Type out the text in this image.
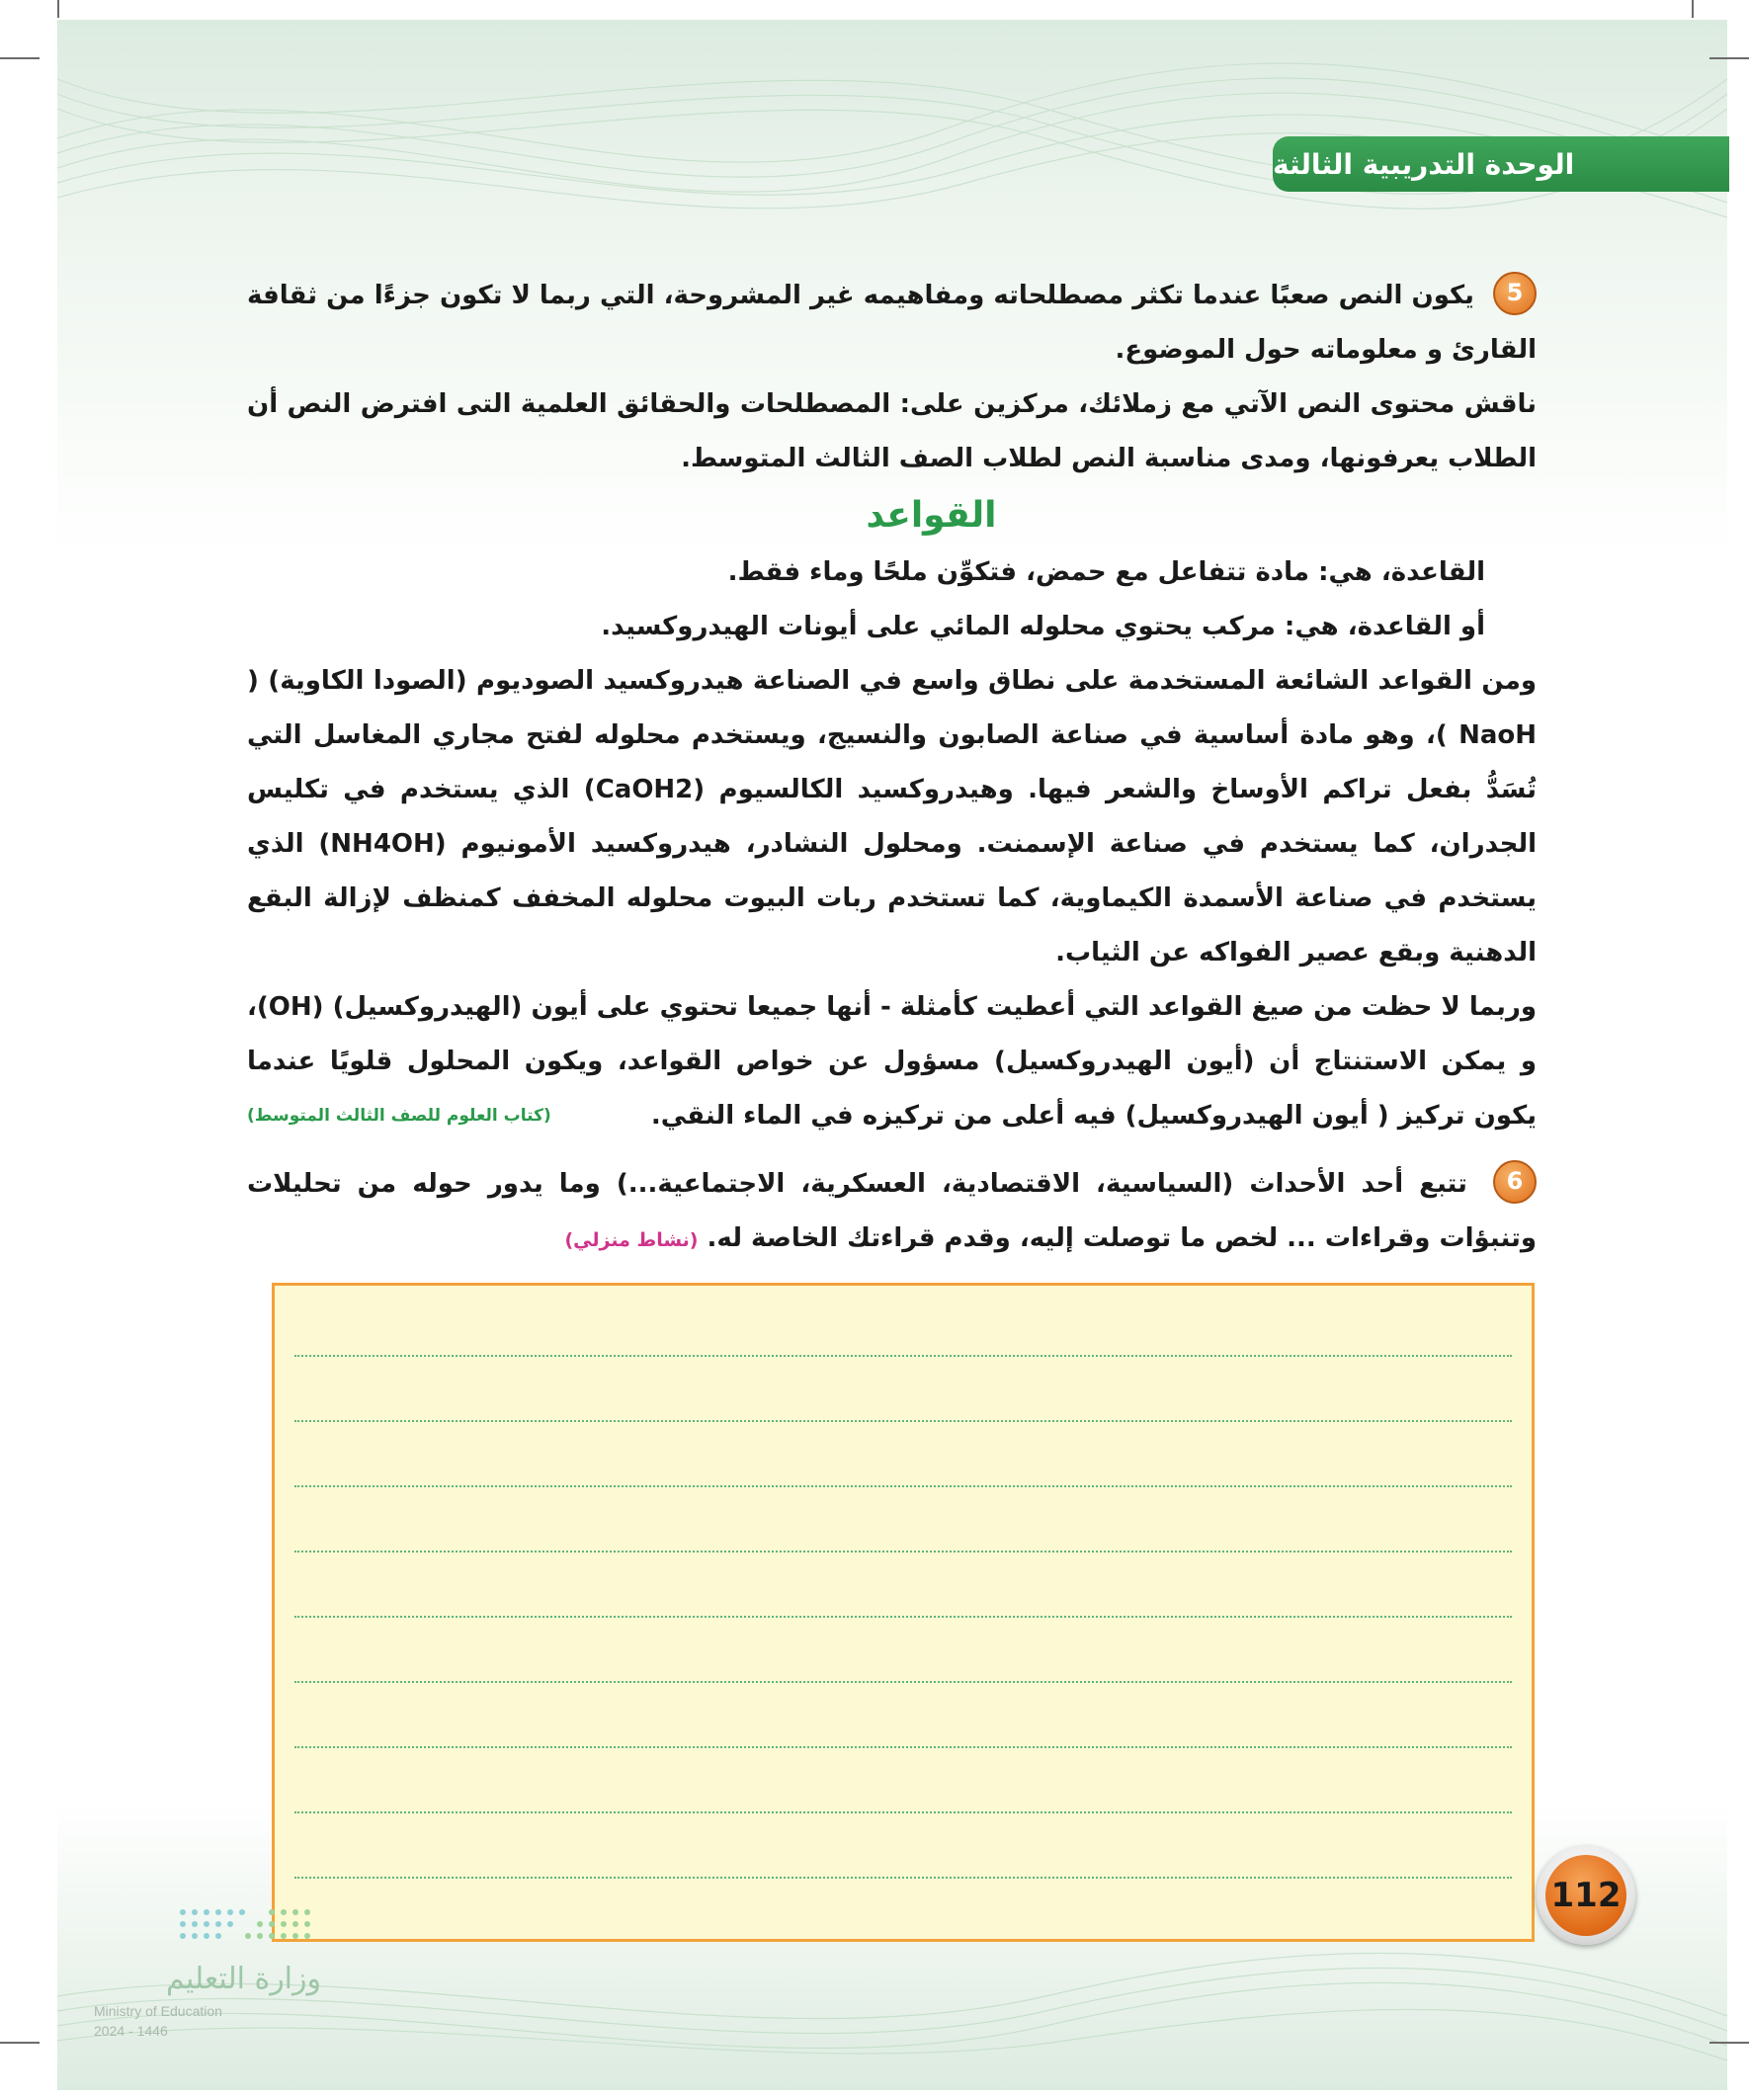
الوحدة التدريبية الثالثة

5 يكون النص صعبًا عندما تكثر مصطلحاته ومفاهيمه غير المشروحة، التي ربما لا تكون جزءًا من ثقافة القارئ و معلوماته حول الموضوع.

ناقش محتوى النص الآتي مع زملائك، مركزين على: المصطلحات والحقائق العلمية التى افترض النص أن الطلاب يعرفونها، ومدى مناسبة النص لطلاب الصف الثالث المتوسط.

القواعد

القاعدة، هي: مادة تتفاعل مع حمض، فتكوِّن ملحًا وماء فقط.

أو القاعدة، هي: مركب يحتوي محلوله المائي على أيونات الهيدروكسيد.

ومن القواعد الشائعة المستخدمة على نطاق واسع في الصناعة هيدروكسيد الصوديوم (الصودا الكاوية) ( NaoH )، وهو مادة أساسية في صناعة الصابون والنسيج، ويستخدم محلوله لفتح مجاري المغاسل التي تُسَدُّ بفعل تراكم الأوساخ والشعر فيها. وهيدروكسيد الكالسيوم (CaOH2) الذي يستخدم في تكليس الجدران، كما يستخدم في صناعة الإسمنت. ومحلول النشادر، هيدروكسيد الأمونيوم (NH4OH) الذي يستخدم في صناعة الأسمدة الكيماوية، كما تستخدم ربات البيوت محلوله المخفف كمنظف لإزالة البقع الدهنية وبقع عصير الفواكه عن الثياب.

وربما لا حظت من صيغ القواعد التي أعطيت كأمثلة - أنها جميعا تحتوي على أيون (الهيدروكسيل) (OH)، و يمكن الاستنتاج أن (أيون الهيدروكسيل) مسؤول عن خواص القواعد، ويكون المحلول قلويًا عندما يكون تركيز ( أيون الهيدروكسيل) فيه أعلى من تركيزه في الماء النقي.
(كتاب العلوم للصف الثالث المتوسط)

6 تتبع أحد الأحداث (السياسية، الاقتصادية، العسكرية، الاجتماعية...) وما يدور حوله من تحليلات وتنبؤات وقراءات ... لخص ما توصلت إليه، وقدم قراءتك الخاصة له. (نشاط منزلي)

112
وزارة التعليم
Ministry of Education
2024 - 1446
